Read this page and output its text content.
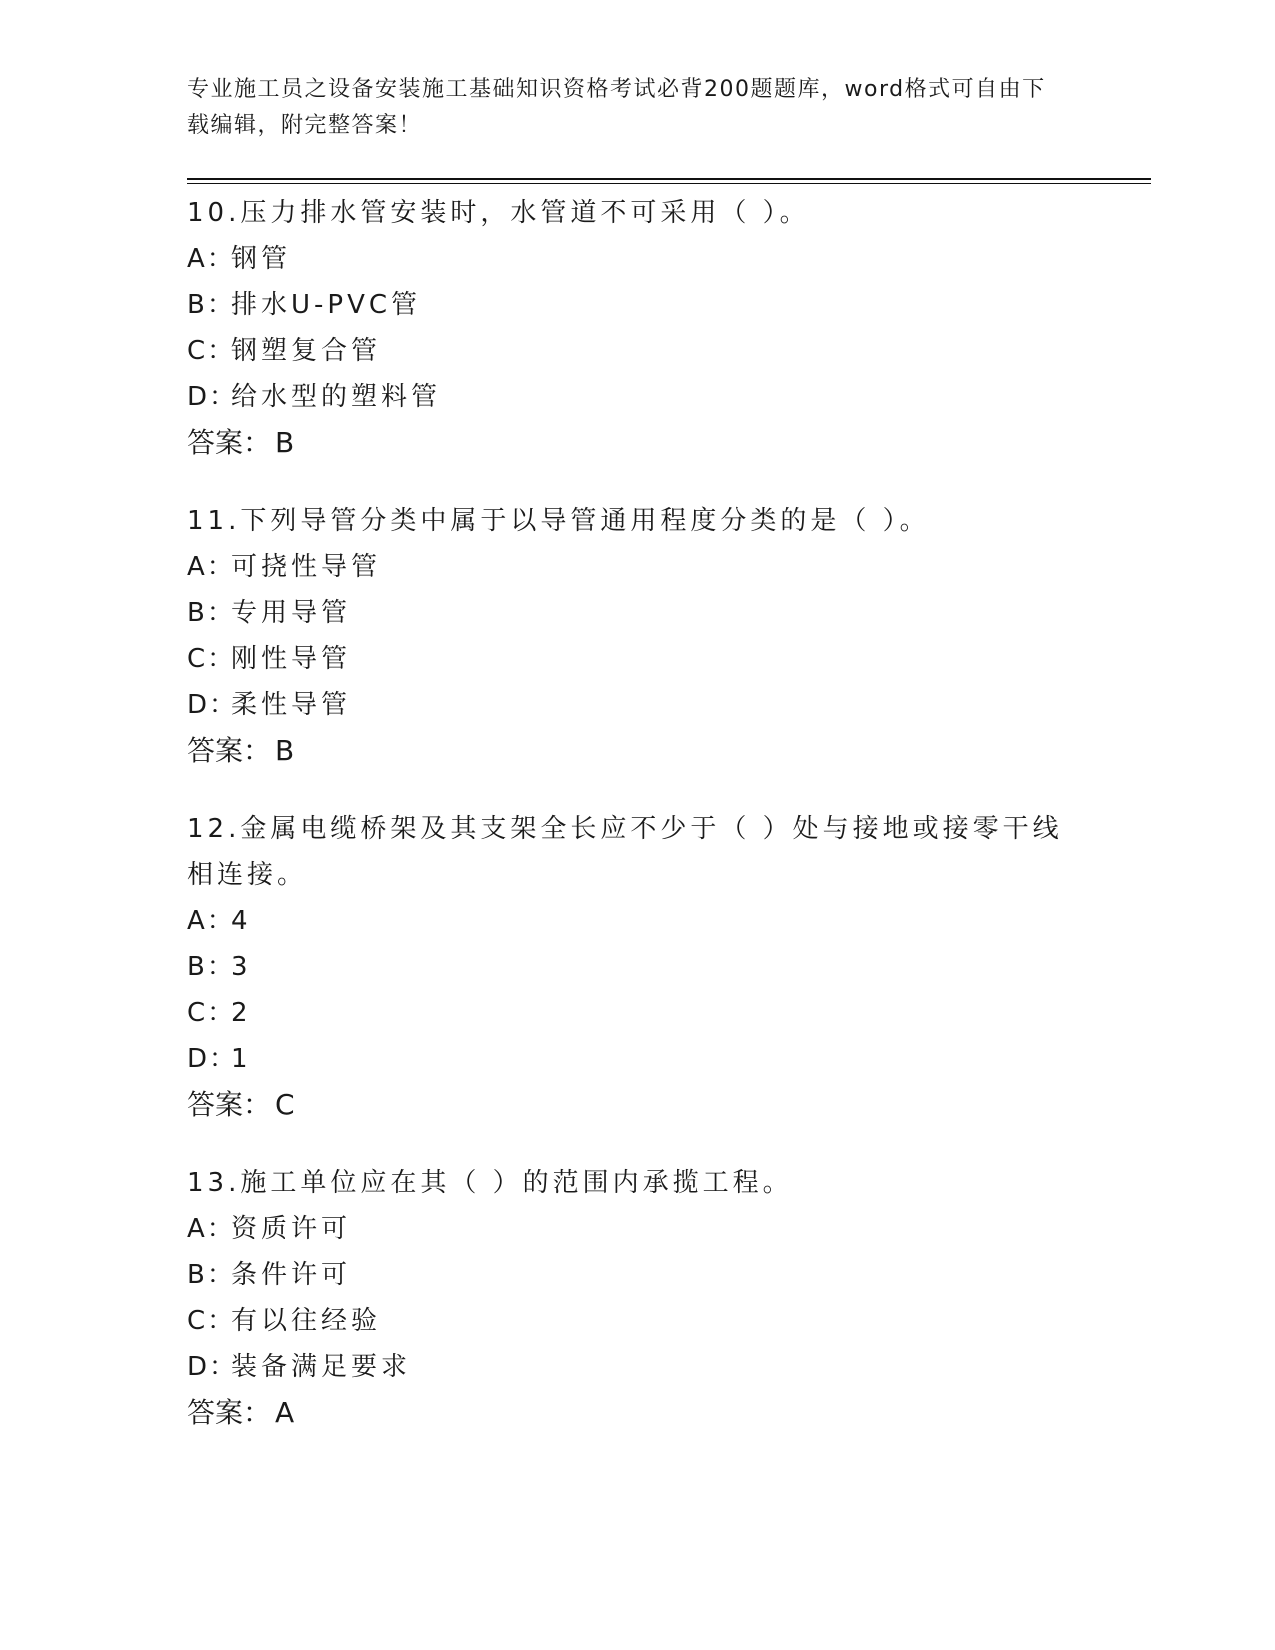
专业施工员之设备安装施工基础知识资格考试必背200题题库，word格式可自由下载编辑，附完整答案！

10.压力排水管安装时，水管道不可采用（ ）。

A：钢管

B：排水U-PVC管

C：钢塑复合管

D：给水型的塑料管

答案： B

11.下列导管分类中属于以导管通用程度分类的是（ ）。

A：可挠性导管

B：专用导管

C：刚性导管

D：柔性导管

答案： B

12.金属电缆桥架及其支架全长应不少于（ ）处与接地或接零干线相连接。

A：4

B：3

C：2

D：1

答案： C

13.施工单位应在其（ ）的范围内承揽工程。

A：资质许可

B：条件许可

C：有以往经验

D：装备满足要求

答案： A
